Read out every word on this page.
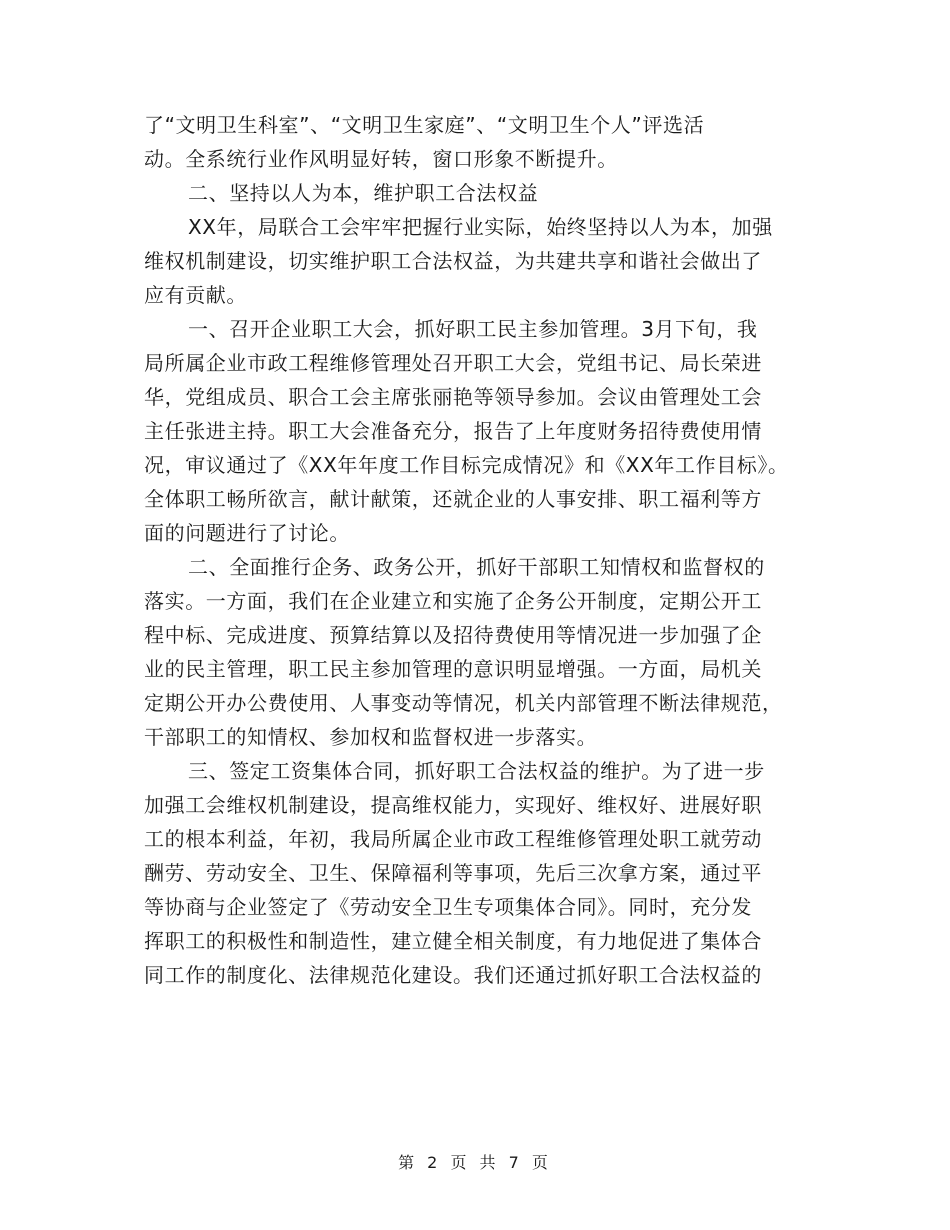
了“文明卫生科室”、“文明卫生家庭”、“文明卫生个人”评选活
动。全系统行业作风明显好转，窗口形象不断提升。
二、坚持以人为本，维护职工合法权益
XX年，局联合工会牢牢把握行业实际，始终坚持以人为本，加强
维权机制建设，切实维护职工合法权益，为共建共享和谐社会做出了
应有贡献。
一、召开企业职工大会，抓好职工民主参加管理。3月下旬，我
局所属企业市政工程维修管理处召开职工大会，党组书记、局长荣进
华，党组成员、职合工会主席张丽艳等领导参加。会议由管理处工会
主任张进主持。职工大会准备充分，报告了上年度财务招待费使用情
况，审议通过了《XX年年度工作目标完成情况》和《XX年工作目标》。
全体职工畅所欲言，献计献策，还就企业的人事安排、职工福利等方
面的问题进行了讨论。
二、全面推行企务、政务公开，抓好干部职工知情权和监督权的
落实。一方面，我们在企业建立和实施了企务公开制度，定期公开工
程中标、完成进度、预算结算以及招待费使用等情况进一步加强了企
业的民主管理，职工民主参加管理的意识明显增强。一方面，局机关
定期公开办公费使用、人事变动等情况，机关内部管理不断法律规范，
干部职工的知情权、参加权和监督权进一步落实。
三、签定工资集体合同，抓好职工合法权益的维护。为了进一步
加强工会维权机制建设，提高维权能力，实现好、维权好、进展好职
工的根本利益，年初，我局所属企业市政工程维修管理处职工就劳动
酬劳、劳动安全、卫生、保障福利等事项，先后三次拿方案，通过平
等协商与企业签定了《劳动安全卫生专项集体合同》。同时，充分发
挥职工的积极性和制造性，建立健全相关制度，有力地促进了集体合
同工作的制度化、法律规范化建设。我们还通过抓好职工合法权益的
第 2 页 共 7 页
